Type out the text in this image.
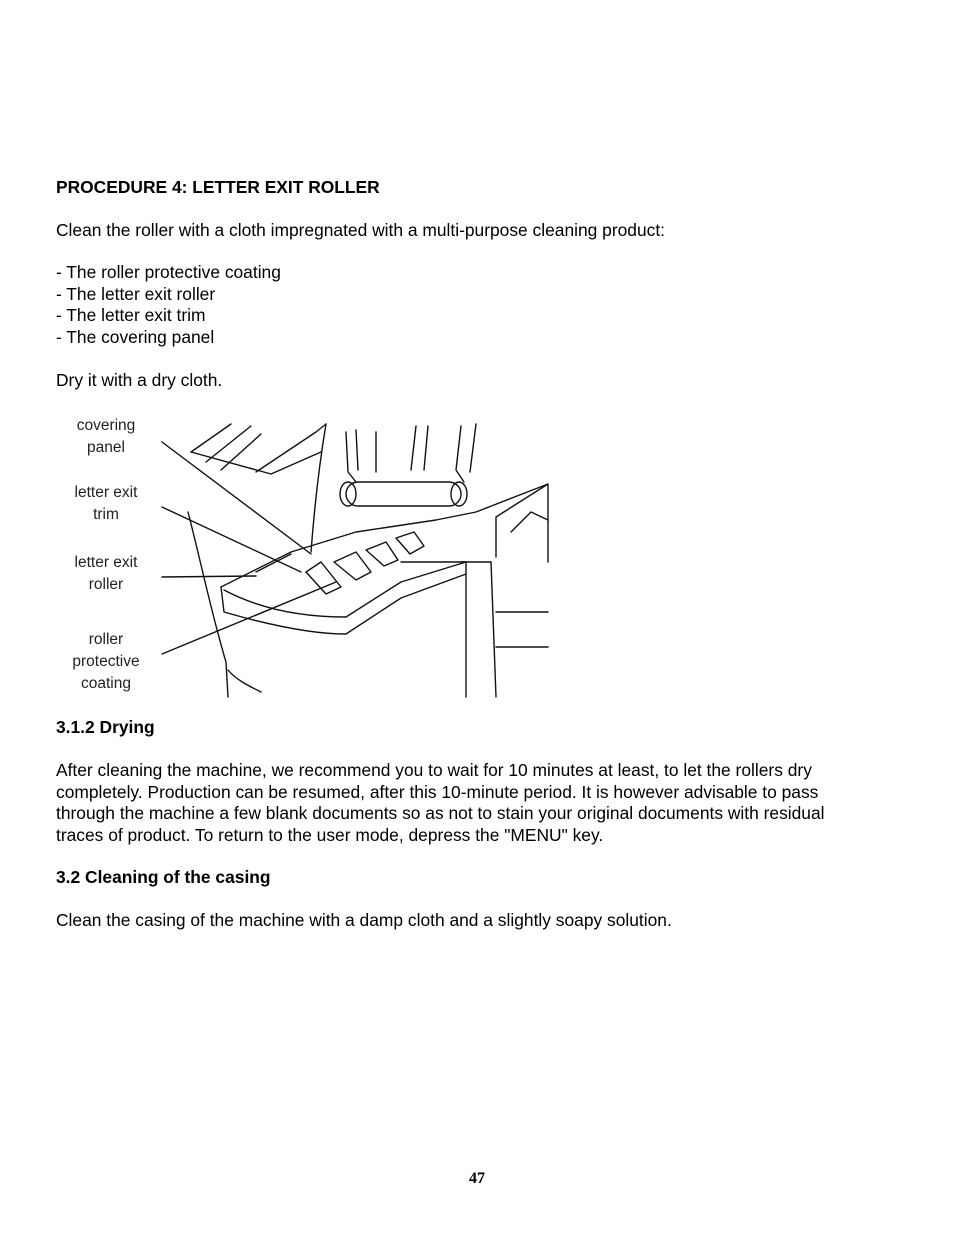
PROCEDURE 4: LETTER EXIT ROLLER
Clean the roller with a cloth impregnated with a multi-purpose cleaning product:
- The roller protective coating
- The letter exit roller
- The letter exit trim
- The covering panel
Dry it with a dry cloth.
covering
panel
letter exit
trim
letter exit
roller
roller
protective
coating
3.1.2 Drying
After cleaning the machine, we recommend you to wait for 10 minutes at least, to let the rollers dry
completely. Production can be resumed, after this 10-minute period. It is however advisable to pass
through the machine a few blank documents so as not to stain your original documents with residual
traces of product. To return to the user mode, depress the "MENU" key.
3.2 Cleaning of the casing
Clean the casing of the machine with a damp cloth and a slightly soapy solution.
47
